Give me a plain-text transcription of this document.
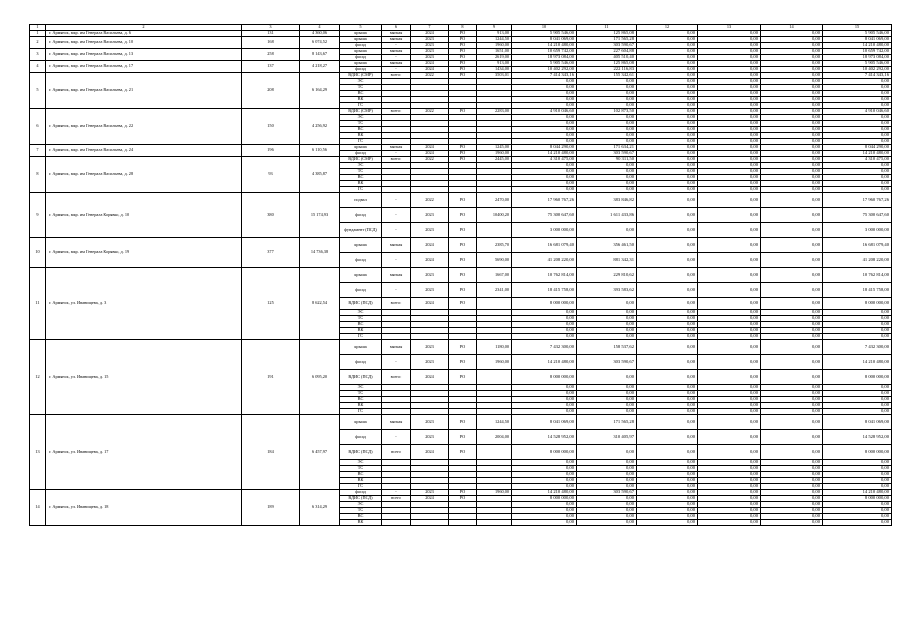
1	2	3	4	5	6	7	8	9	10	11	12	13	14	15
1	г. Армянск, мкр. им Генерала Васильева, д. 6	131	4 360,06	крыша	мягкая	2024	РО	913,00	5 905 546,00	125 865,08	0,00	0,00	0,00	5 905 546,00
2	г. Армянск, мкр. им Генерала Васильева, д. 10	168	6 074,52	крыша	мягкая	2023	РО	1244,50	8 041 069,00	171 565,28	0,00	0,00	0,00	8 041 069,00
				фасад	-	2023	РО	1960,00	14 210 480,00	303 590,67	0,00	0,00	0,00	14 210 480,00
3	г. Армянск, мкр. им Генерала Васильева, д. 13	258	8 143,67	крыша	мягкая	2023	РО	1651,00	10 659 742,00	227 604,88	0,00	0,00	0,00	10 659 742,00
				фасад	-	2023	РО	2619,00	18 973 084,00	405 510,40	0,00	0,00	0,00	18 973 084,00
4	г. Армянск, мкр. им Генерала Васильева, д. 17	137	4 218,27	крыша	мягкая	2024	РО	913,00	5 905 546,00	125 865,08	0,00	0,00	0,00	5 905 546,00
				фасад	-	2024	РО	1434,00	10 402 292,00	222 116,83	0,00	0,00	0,00	10 402 292,00
5	г. Армянск, мкр. им Генерала Васильева, д. 21	208	6 164,29	ВДИС (СМР)	всего:	2022	РО	3503,01	7 414 343,16	155 342,61	0,00	0,00	0,00	7 414 343,16
				ЭС					0,00	0,00	0,00	0,00	0,00	0,00
				ТС					0,00	0,00	0,00	0,00	0,00	0,00
				ВС					0,00	0,00	0,00	0,00	0,00	0,00
				ВК					0,00	0,00	0,00	0,00	0,00	0,00
				ГС					0,00	0,00	0,00	0,00	0,00	0,00
6	г. Армянск, мкр. им Генерала Васильева, д. 22	150	4 256,92	ВДИС (СМР)	всего:	2022	РО	2283,00	4 910 046,60	102 873,50	0,00	0,00	0,00	4 910 046,60
				ЭС					0,00	0,00	0,00	0,00	0,00	0,00
				ТС					0,00	0,00	0,00	0,00	0,00	0,00
				ВС					0,00	0,00	0,00	0,00	0,00	0,00
				ВК					0,00	0,00	0,00	0,00	0,00	0,00
				ГС					0,00	0,00	0,00	0,00	0,00	0,00
7	г. Армянск, мкр. им Генерала Васильева, д. 24	196	6 110,56	крыша	мягкая	2024	РО	1245,00	8 044 290,00	171 634,21	0,00	0,00	0,00	8 044 290,00
				фасад	-	2024	РО	1960,00	14 210 480,00	303 590,67	0,00	0,00	0,00	14 210 480,00
8	г. Армянск, мкр. им Генерала Васильева, д. 28	93	4 385,87	ВДИС (СМР)	всего:	2022	РО	2445,00	4 310 475,00	90 311,50	0,00	0,00	0,00	4 310 475,00
				ЭС					0,00	0,00	0,00	0,00	0,00	0,00
				ТС					0,00	0,00	0,00	0,00	0,00	0,00
				ВС					0,00	0,00	0,00	0,00	0,00	0,00
				ВК					0,00	0,00	0,00	0,00	0,00	0,00
				ГС					0,00	0,00	0,00	0,00	0,00	0,00
9	г. Армянск, мкр. им Генерала Корявко, д. 10	380	15 174,93	подвал	-	2022	РО	2470,00	17 960 767,26	383 846,82	0,00	0,00	0,00	17 960 767,26
				фасад	-	2023	РО	10400,20	75 300 647,60	1 611 433,86	0,00	0,00	0,00	75 300 647,60
				фундамент (ПСД)	-	2023	РО		3 000 000,00	0,00	0,00	0,00	0,00	3 000 000,00
10	г. Армянск, мкр. им Генерала Корявко, д. 19	377	14 736,38	крыша	мягкая	2024	РО	2385,70	16 681 079,40	356 461,50	0,00	0,00	0,00	16 681 079,40
				фасад	-	2024	РО	5690,00	41 208 220,00	881 342,31	0,00	0,00	0,00	41 208 220,00
11	г. Армянск, ул. Иванищева, д. 3	125	8 622,54	крыша	мягкая	2023	РО	1667,00	10 762 814,00	229 810,62	0,00	0,00	0,00	10 762 814,00
				фасад	-	2023	РО	2341,00	18 415 758,00	393 583,62	0,00	0,00	0,00	18 415 758,00
				ВДИС (ПСД)	всего:	2024	РО		8 000 000,00	0,00	0,00	0,00	0,00	8 000 000,00
				ЭС					0,00	0,00	0,00	0,00	0,00	0,00
				ТС					0,00	0,00	0,00	0,00	0,00	0,00
				ВС					0,00	0,00	0,00	0,00	0,00	0,00
				ВК					0,00	0,00	0,00	0,00	0,00	0,00
				ГС					0,00	0,00	0,00	0,00	0,00	0,00
12	г. Армянск, ул. Иванищева, д. 15	191	6 095,20	крыша	мягкая	2023	РО	1180,00	7 432 300,00	158 537,62	0,00	0,00	0,00	7 432 300,00
				фасад	-	2023	РО	1960,00	14 210 480,00	303 590,67	0,00	0,00	0,00	14 210 480,00
				ВДИС (ПСД)	всего:	2024	РО		8 000 000,00	0,00	0,00	0,00	0,00	8 000 000,00
				ЭС					0,00	0,00	0,00	0,00	0,00	0,00
				ТС					0,00	0,00	0,00	0,00	0,00	0,00
				ВС					0,00	0,00	0,00	0,00	0,00	0,00
				ВК					0,00	0,00	0,00	0,00	0,00	0,00
				ГС					0,00	0,00	0,00	0,00	0,00	0,00
13	г. Армянск, ул. Иванищева, д. 17	184	6 457,97	крыша	мягкая	2023	РО	1244,50	8 041 069,00	171 565,28	0,00	0,00	0,00	8 041 069,00
				фасад	-	2023	РО	2004,00	14 528 952,00	310 405,97	0,00	0,00	0,00	14 528 952,00
				ВДИС (ПСД)	всего	2024	РО		8 000 000,00	0,00	0,00	0,00	0,00	8 000 000,00
				ЭС					0,00	0,00	0,00	0,00	0,00	0,00
				ТС					0,00	0,00	0,00	0,00	0,00	0,00
				ВС					0,00	0,00	0,00	0,00	0,00	0,00
				ВК					0,00	0,00	0,00	0,00	0,00	0,00
				ГС					0,00	0,00	0,00	0,00	0,00	0,00
14	г. Армянск, ул. Иванищева, д. 18	189	6 314,29	фасад	-	2023	РО	1960,00	14 210 480,00	303 590,67	0,00	0,00	0,00	14 210 480,00
				ВДИС (ПСД)	всего	2024	РО		8 000 000,00	0,00	0,00	0,00	0,00	8 000 000,00
				ЭС					0,00	0,00	0,00	0,00	0,00	0,00
				ТС					0,00	0,00	0,00	0,00	0,00	0,00
				ВС					0,00	0,00	0,00	0,00	0,00	0,00
				ВК					0,00	0,00	0,00	0,00	0,00	0,00
